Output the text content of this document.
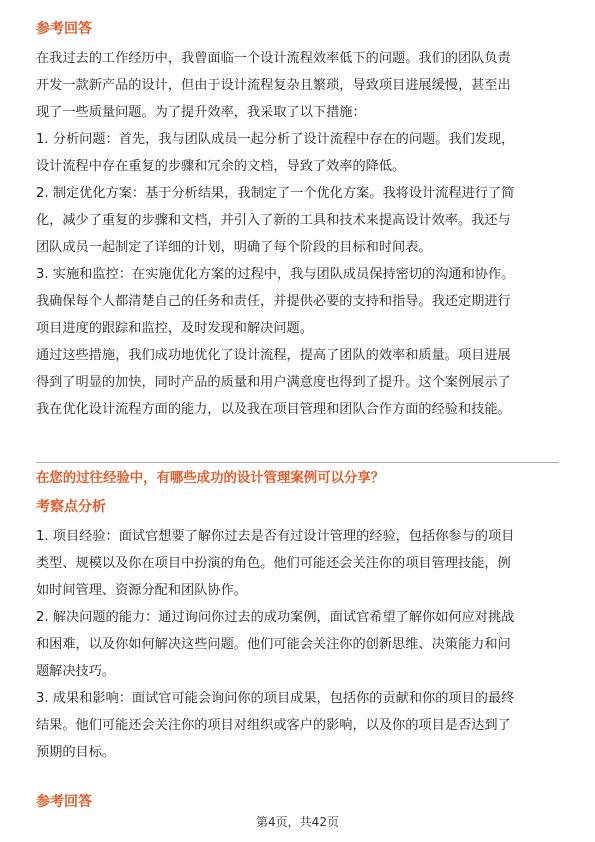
参考回答

在我过去的工作经历中，我曾面临一个设计流程效率低下的问题。我们的团队负责

开发一款新产品的设计，但由于设计流程复杂且繁琐，导致项目进展缓慢，甚至出

现了一些质量问题。为了提升效率，我采取了以下措施：

1. 分析问题：首先，我与团队成员一起分析了设计流程中存在的问题。我们发现，

设计流程中存在重复的步骤和冗余的文档，导致了效率的降低。

2. 制定优化方案：基于分析结果，我制定了一个优化方案。我将设计流程进行了简

化，减少了重复的步骤和文档，并引入了新的工具和技术来提高设计效率。我还与

团队成员一起制定了详细的计划，明确了每个阶段的目标和时间表。

3. 实施和监控：在实施优化方案的过程中，我与团队成员保持密切的沟通和协作。

我确保每个人都清楚自己的任务和责任，并提供必要的支持和指导。我还定期进行

项目进度的跟踪和监控，及时发现和解决问题。

通过这些措施，我们成功地优化了设计流程，提高了团队的效率和质量。项目进展

得到了明显的加快，同时产品的质量和用户满意度也得到了提升。这个案例展示了

我在优化设计流程方面的能力，以及我在项目管理和团队合作方面的经验和技能。

在您的过往经验中，有哪些成功的设计管理案例可以分享？

考察点分析

1. 项目经验：面试官想要了解你过去是否有过设计管理的经验，包括你参与的项目

类型、规模以及你在项目中扮演的角色。他们可能还会关注你的项目管理技能，例

如时间管理、资源分配和团队协作。

2. 解决问题的能力：通过询问你过去的成功案例，面试官希望了解你如何应对挑战

和困难，以及你如何解决这些问题。他们可能会关注你的创新思维、决策能力和问

题解决技巧。

3. 成果和影响：面试官可能会询问你的项目成果，包括你的贡献和你的项目的最终

结果。他们可能还会关注你的项目对组织或客户的影响，以及你的项目是否达到了

预期的目标。

参考回答

第4页，共42页
